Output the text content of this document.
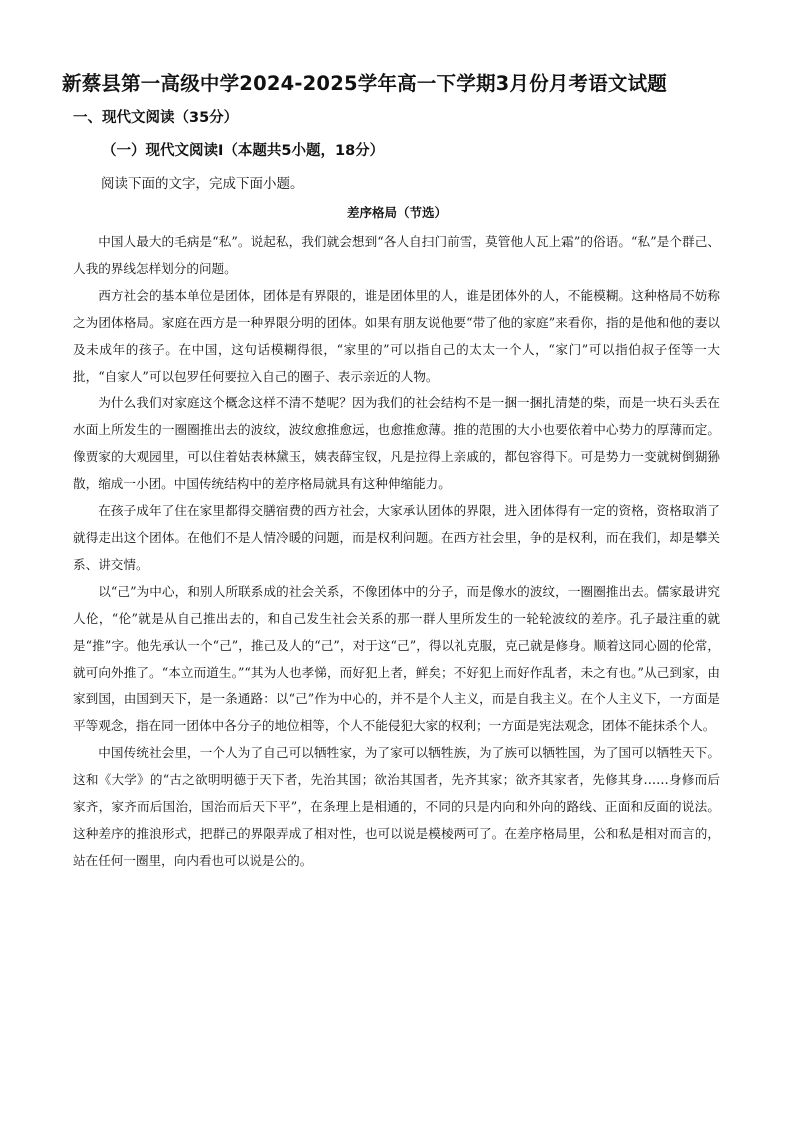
新蔡县第一高级中学2024-2025学年高一下学期3月份月考语文试题
一、现代文阅读（35分）
（一）现代文阅读Ⅰ（本题共5小题，18分）
阅读下面的文字，完成下面小题。
差序格局（节选）

中国人最大的毛病是“私”。说起私，我们就会想到“各人自扫门前雪，莫管他人瓦上霜”的俗语。“私”是个群己、人我的界线怎样划分的问题。

西方社会的基本单位是团体，团体是有界限的，谁是团体里的人，谁是团体外的人，不能模糊。这种格局不妨称之为团体格局。家庭在西方是一种界限分明的团体。如果有朋友说他要“带了他的家庭”来看你，指的是他和他的妻以及未成年的孩子。在中国，这句话模糊得很，“家里的”可以指自己的太太一个人，“家门”可以指伯叔子侄等一大批，“自家人”可以包罗任何要拉入自己的圈子、表示亲近的人物。

为什么我们对家庭这个概念这样不清不楚呢？因为我们的社会结构不是一捆一捆扎清楚的柴，而是一块石头丢在水面上所发生的一圈圈推出去的波纹，波纹愈推愈远，也愈推愈薄。推的范围的大小也要依着中心势力的厚薄而定。像贾家的大观园里，可以住着姑表林黛玉，姨表薛宝钗，凡是拉得上亲戚的，都包容得下。可是势力一变就树倒猢狲散，缩成一小团。中国传统结构中的差序格局就具有这种伸缩能力。

在孩子成年了住在家里都得交膳宿费的西方社会，大家承认团体的界限，进入团体得有一定的资格，资格取消了就得走出这个团体。在他们不是人情冷暖的问题，而是权利问题。在西方社会里，争的是权利，而在我们，却是攀关系、讲交情。

以“己”为中心，和别人所联系成的社会关系，不像团体中的分子，而是像水的波纹，一圈圈推出去。儒家最讲究人伦，“伦”就是从自己推出去的，和自己发生社会关系的那一群人里所发生的一轮轮波纹的差序。孔子最注重的就是“推”字。他先承认一个“己”，推己及人的“己”，对于这“己”，得以礼克服，克己就是修身。顺着这同心圆的伦常，就可向外推了。“本立而道生。”“其为人也孝悌，而好犯上者，鲜矣；不好犯上而好作乱者，未之有也。”从己到家，由家到国，由国到天下，是一条通路：以“己”作为中心的，并不是个人主义，而是自我主义。在个人主义下，一方面是平等观念，指在同一团体中各分子的地位相等，个人不能侵犯大家的权利；一方面是宪法观念，团体不能抹杀个人。

中国传统社会里，一个人为了自己可以牺牲家，为了家可以牺牲族，为了族可以牺牲国，为了国可以牺牲天下。这和《大学》的“古之欲明明德于天下者，先治其国；欲治其国者，先齐其家；欲齐其家者，先修其身……身修而后家齐，家齐而后国治，国治而后天下平”，在条理上是相通的，不同的只是内向和外向的路线、正面和反面的说法。这种差序的推浪形式，把群己的界限弄成了相对性，也可以说是模棱两可了。在差序格局里，公和私是相对而言的，站在任何一圈里，向内看也可以说是公的。
